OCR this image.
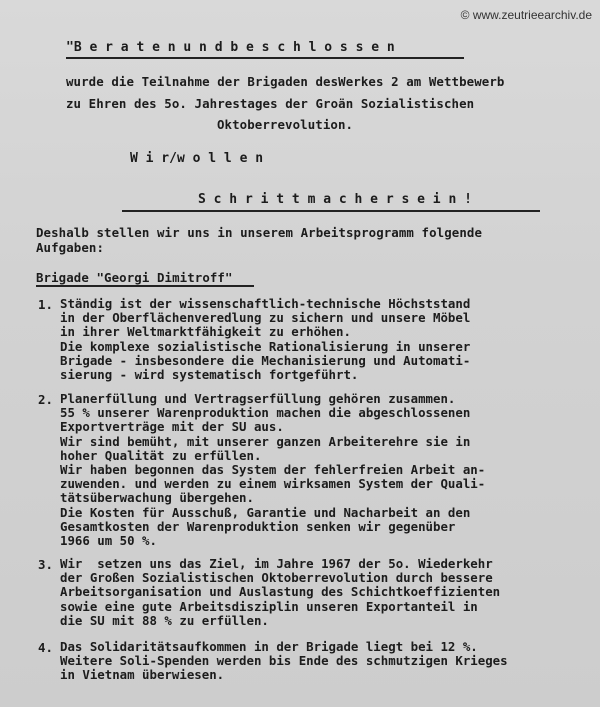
© www.zeutrieearchiv.de
"B e r a t e n u n d b e s c h l o s s e n
wurde die Teilnahme der Brigaden desWerkes 2 am Wettbewerb
zu Ehren des 5o. Jahrestages der Groän Sozialistischen
Oktoberrevolution.
W i r/w o l l e n
S c h r i t t m a c h e r s e i n !
Deshalb stellen wir uns in unserem Arbeitsprogramm folgende
Aufgaben:
Brigade "Georgi Dimitroff"
1. Ständig ist der wissenschaftlich-technische Höchststand
in der Oberflächenveredlung zu sichern und unsere Möbel
in ihrer Weltmarktfähigkeit zu erhöhen.
Die komplexe sozialistische Rationalisierung in unserer
Brigade - insbesondere die Mechanisierung und Automati-
sierung - wird systematisch fortgeführt.
2. Planerfüllung und Vertragserfüllung gehören zusammen.
55 % unserer Warenproduktion machen die abgeschlossenen
Exportverträge mit der SU aus.
Wir sind bemüht, mit unserer ganzen Arbeiterehre sie in
hoher Qualität zu erfüllen.
Wir haben begonnen das System der fehlerfreien Arbeit an-
zuwenden. und werden zu einem wirksamen System der Quali-
tätsüberwachung übergehen.
Die Kosten für Ausschuß, Garantie und Nacharbeit an den
Gesamtkosten der Warenproduktion senken wir gegenüber
1966 um 50 %.
3. Wir  setzen uns das Ziel, im Jahre 1967 der 5o. Wiederkehr
der Großen Sozialistischen Oktoberrevolution durch bessere
Arbeitsorganisation und Auslastung des Schichtkoeffizienten
sowie eine gute Arbeitsdisziplin unseren Exportanteil in
die SU mit 88 % zu erfüllen.
4. Das Solidaritätsaufkommen in der Brigade liegt bei 12 %.
Weitere Soli-Spenden werden bis Ende des schmutzigen Krieges
in Vietnam überwiesen.
